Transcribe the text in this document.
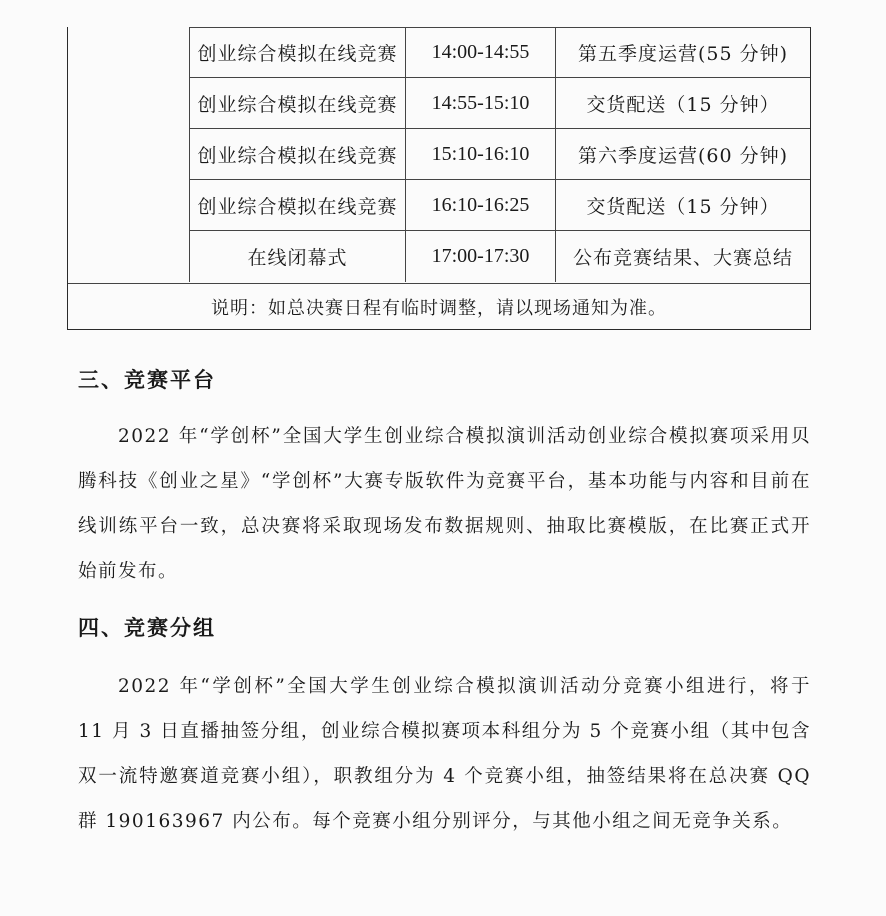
创业综合模拟在线竞赛	14:00-14:55	第五季度运营(55 分钟)
创业综合模拟在线竞赛	14:55-15:10	交货配送（15 分钟）
创业综合模拟在线竞赛	15:10-16:10	第六季度运营(60 分钟)
创业综合模拟在线竞赛	16:10-16:25	交货配送（15 分钟）
在线闭幕式	17:00-17:30	公布竞赛结果、大赛总结
说明：如总决赛日程有临时调整，请以现场通知为准。
三、竞赛平台
2022 年“学创杯”全国大学生创业综合模拟演训活动创业综合模拟赛项采用贝腾科技《创业之星》“学创杯”大赛专版软件为竞赛平台，基本功能与内容和目前在线训练平台一致，总决赛将采取现场发布数据规则、抽取比赛模版，在比赛正式开始前发布。
四、竞赛分组
2022 年“学创杯”全国大学生创业综合模拟演训活动分竞赛小组进行，将于 11 月 3 日直播抽签分组，创业综合模拟赛项本科组分为 5 个竞赛小组（其中包含双一流特邀赛道竞赛小组），职教组分为 4 个竞赛小组，抽签结果将在总决赛 QQ 群 190163967 内公布。每个竞赛小组分别评分，与其他小组之间无竞争关系。
